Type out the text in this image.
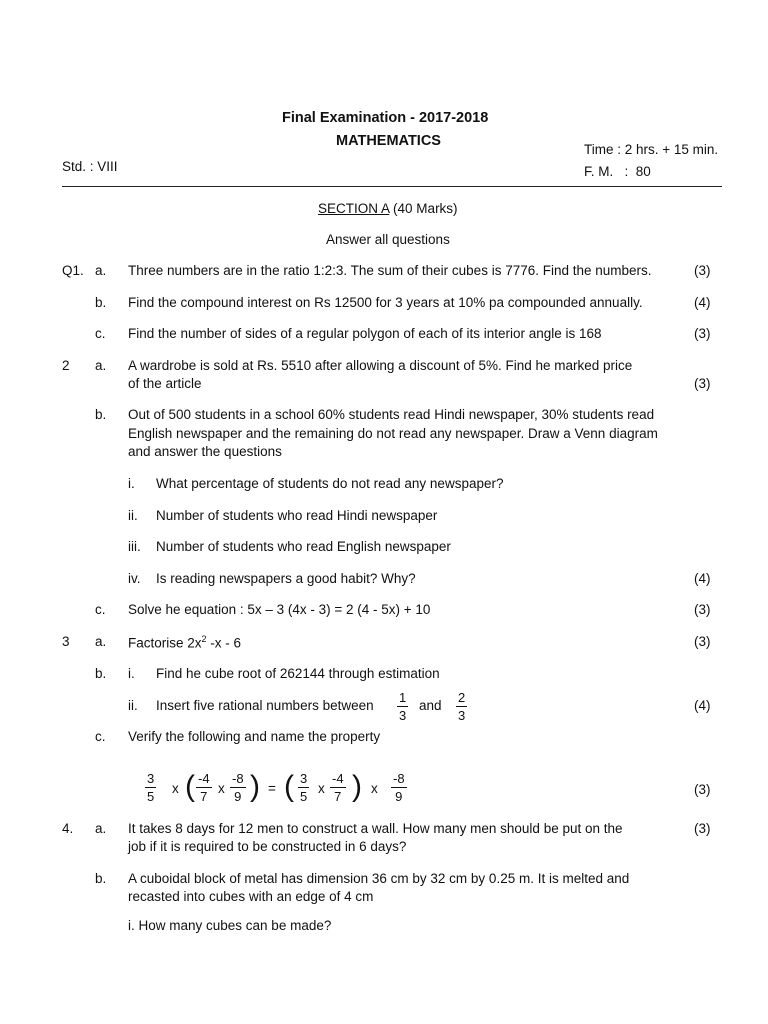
Final Examination - 2017-2018
MATHEMATICS
Time : 2 hrs. + 15 min.
Std. : VIII	F. M.   :  80
SECTION A (40 Marks)
Answer all questions
Q1. a. Three numbers are in the ratio 1:2:3. The sum of their cubes is 7776. Find the numbers.	(3)
b. Find the compound interest on Rs 12500 for 3 years at 10% pa compounded annually.	(4)
c. Find the number of sides of a regular polygon of each of its interior angle is 168	(3)
2 a. A wardrobe is sold at Rs. 5510 after allowing a discount of 5%. Find he marked price
of the article	(3)
b. Out of 500 students in a school 60% students read Hindi newspaper, 30% students read
English newspaper and the remaining do not read any newspaper. Draw a Venn diagram
and answer the questions
i. What percentage of students do not read any newspaper?
ii. Number of students who read Hindi newspaper
iii. Number of students who read English newspaper
iv. Is reading newspapers a good habit? Why?	(4)
c. Solve he equation : 5x – 3 (4x - 3) = 2 (4 - 5x) + 10	(3)
3 a. Factorise $2x^2$ -x - 6	(3)
b. i. Find he cube root of 262144 through estimation
ii. Insert five rational numbers between
1
3
and
2
3
(4)
c. Verify the following and name the property
3
5
x ( -4
7
x
-8
9 ) = ( 3
5
x
-4
7 ) x
-8
9	(3)
4. a. It takes 8 days for 12 men to construct a wall. How many men should be put on the	(3)
job if it is required to be constructed in 6 days?
b. A cuboidal block of metal has dimension 36 cm by 32 cm by 0.25 m. It is melted and
recasted into cubes with an edge of 4 cm
i. How many cubes can be made?
